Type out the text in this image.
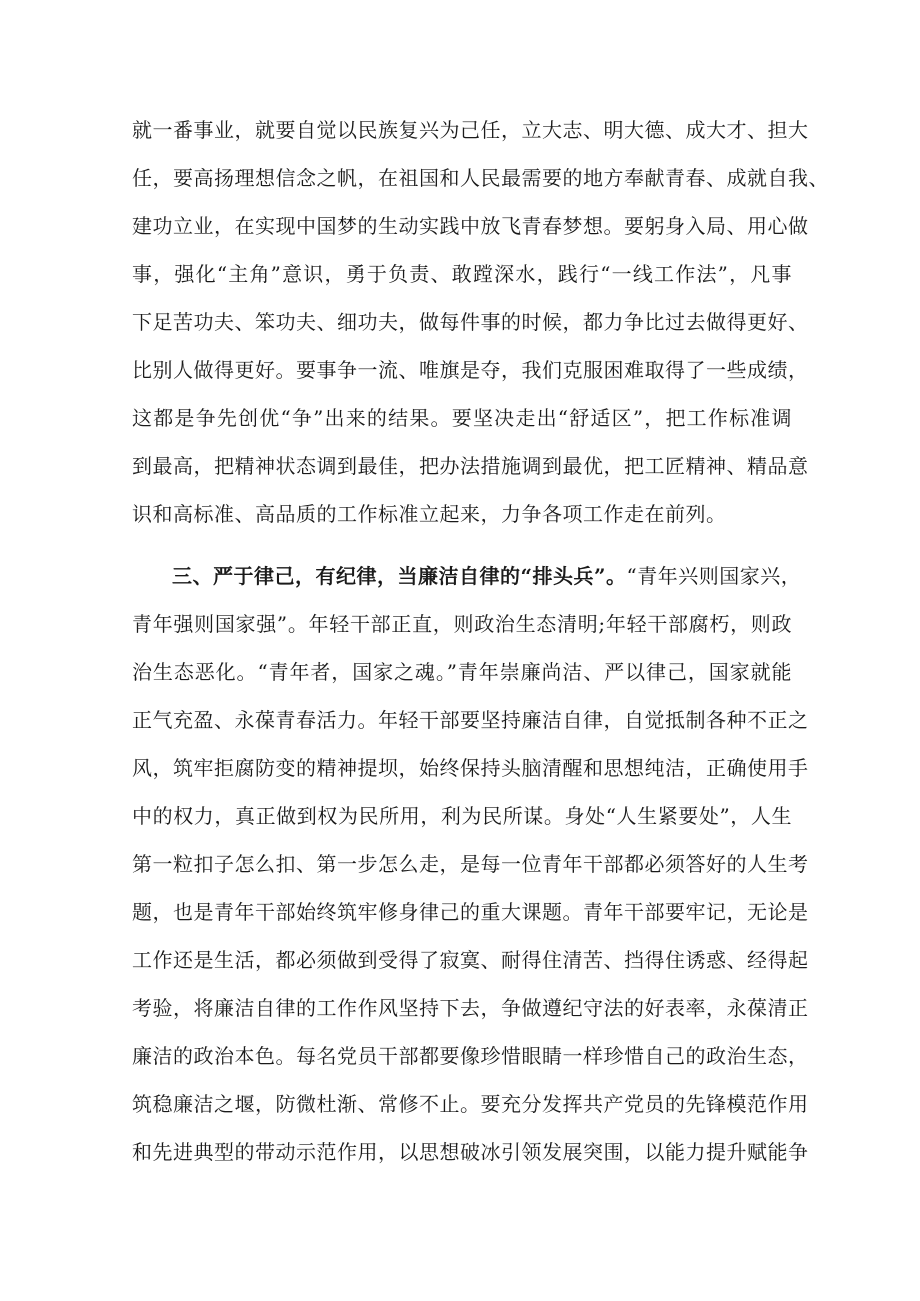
就一番事业，就要自觉以民族复兴为己任，立大志、明大德、成大才、担大
任，要高扬理想信念之帆，在祖国和人民最需要的地方奉献青春、成就自我、
建功立业，在实现中国梦的生动实践中放飞青春梦想。要躬身入局、用心做
事，强化“主角”意识，勇于负责、敢蹚深水，践行“一线工作法”，凡事
下足苦功夫、笨功夫、细功夫，做每件事的时候，都力争比过去做得更好、
比别人做得更好。要事争一流、唯旗是夺，我们克服困难取得了一些成绩，
这都是争先创优“争”出来的结果。要坚决走出“舒适区”，把工作标准调
到最高，把精神状态调到最佳，把办法措施调到最优，把工匠精神、精品意
识和高标准、高品质的工作标准立起来，力争各项工作走在前列。
三、严于律己，有纪律，当廉洁自律的“排头兵”。“青年兴则国家兴，
青年强则国家强”。年轻干部正直，则政治生态清明;年轻干部腐朽，则政
治生态恶化。“青年者，国家之魂。”青年崇廉尚洁、严以律己，国家就能
正气充盈、永葆青春活力。年轻干部要坚持廉洁自律，自觉抵制各种不正之
风，筑牢拒腐防变的精神提坝，始终保持头脑清醒和思想纯洁，正确使用手
中的权力，真正做到权为民所用，利为民所谋。身处“人生紧要处”，人生
第一粒扣子怎么扣、第一步怎么走，是每一位青年干部都必须答好的人生考
题，也是青年干部始终筑牢修身律己的重大课题。青年干部要牢记，无论是
工作还是生活，都必须做到受得了寂寞、耐得住清苦、挡得住诱惑、经得起
考验，将廉洁自律的工作作风坚持下去，争做遵纪守法的好表率，永葆清正
廉洁的政治本色。每名党员干部都要像珍惜眼睛一样珍惜自己的政治生态，
筑稳廉洁之堰，防微杜渐、常修不止。要充分发挥共产党员的先锋模范作用
和先进典型的带动示范作用，以思想破冰引领发展突围，以能力提升赋能争
